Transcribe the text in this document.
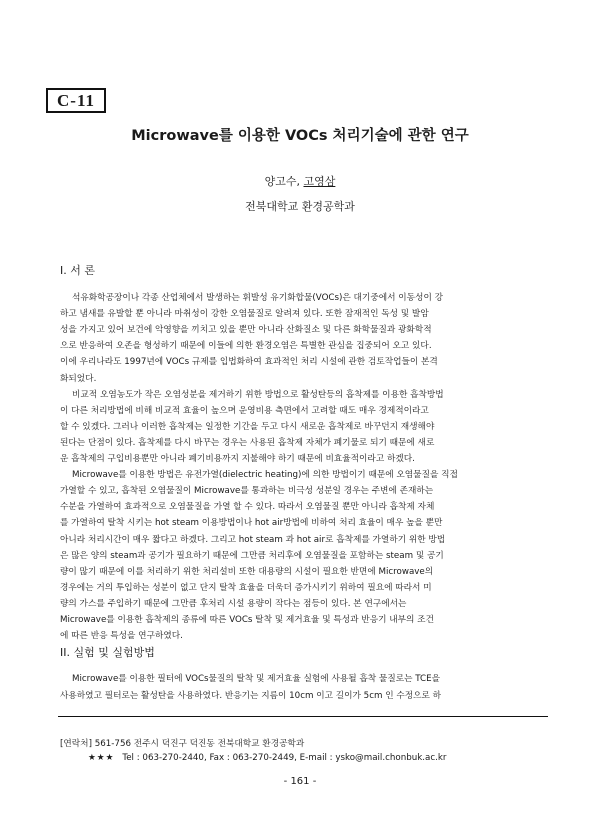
C-11
Microwave를 이용한 VOCs 처리기술에 관한 연구
양고수, 고영삼
전북대학교 환경공학과
I. 서 론
석유화학공장이나 각종 산업체에서 발생하는 휘발성 유기화합물(VOCs)은 대기중에서 이동성이 강
하고 냄새를 유발할 뿐 아니라 마취성이 강한 오염물질로 알려져 있다. 또한 잠재적인 독성 및 발암
성을 가지고 있어 보건에 악영향을 끼치고 있을 뿐만 아니라 산화질소 및 다른 화학물질과 광화학적
으로 반응하여 오존을 형성하기 때문에 이들에 의한 환경오염은 특별한 관심을 집중되어 오고 있다.
이에 우리나라도 1997년에 VOCs 규제를 입법화하여 효과적인 처리 시설에 관한 검토작업들이 본격
화되었다.
비교적 오염농도가 작은 오염성분을 제거하기 위한 방법으로 활성탄등의 흡착제를 이용한 흡착방법
이 다른 처리방법에 비해 비교적 효율이 높으며 운영비용 측면에서 고려할 때도 매우 경제적이라고
할 수 있겠다. 그러나 이러한 흡착제는 일정한 기간을 두고 다시 새로운 흡착제로 바꾸던지 재생해야
된다는 단점이 있다. 흡착제를 다시 바꾸는 경우는 사용된 흡착제 자체가 폐기물로 되기 때문에 새로
운 흡착제의 구입비용뿐만 아니라 폐기비용까지 지불해야 하기 때문에 비효율적이라고 하겠다.
Microwave를 이용한 방법은 유전가열(dielectric heating)에 의한 방법이기 때문에 오염물질을 직접
가열할 수 있고, 흡착된 오염물질이 Microwave를 통과하는 비극성 성분일 경우는 주변에 존재하는
수분을 가열하여 효과적으로 오염물질을 가열 할 수 있다. 따라서 오염물질 뿐만 아니라 흡착제 자체
를 가열하여 탈착 시키는 hot steam 이용방법이나 hot air방법에 비하여 처리 효율이 매우 높을 뿐만
아니라 처리시간이 매우 짧다고 하겠다. 그리고 hot steam 과 hot air로 흡착제를 가열하기 위한 방법
은 많은 양의 steam과 공기가 필요하기 때문에 그만큼 처리후에 오염물질을 포함하는 steam 및 공기
량이 많기 때문에 이를 처리하기 위한 처리설비 또한 대용량의 시설이 필요한 반면에 Microwave의
경우에는 거의 투입하는 성분이 없고 단지 탈착 효율을 더욱더 증가시키기 위하여 필요에 따라서 미
량의 가스를 주입하기 때문에 그만큼 후처리 시설 용량이 작다는 점등이 있다. 본 연구에서는
II. 실험 및 실험방법
Microwave를 이용한 필터에 VOCs물질의 탈착 및 제거효율 실험에 사용될 흡착 물질로는 TCE을
사용하였고 필터로는 활성탄을 사용하였다. 반응기는 지름이 10cm 이고 길이가 5cm 인 수정으로 하
[연락처] 561-756 전주시 덕진구 덕진동 전북대학교 환경공학과
★★★ Tel : 063-270-2440, Fax : 063-270-2449, E-mail : ysko@mail.chonbuk.ac.kr
- 161 -
Microwave를 이용한 흡착제의 종류에 따른 VOCs 탈착 및 제거효율 및 특성과 반응기 내부의 조건
에 따른 반응 특성을 연구하였다.
